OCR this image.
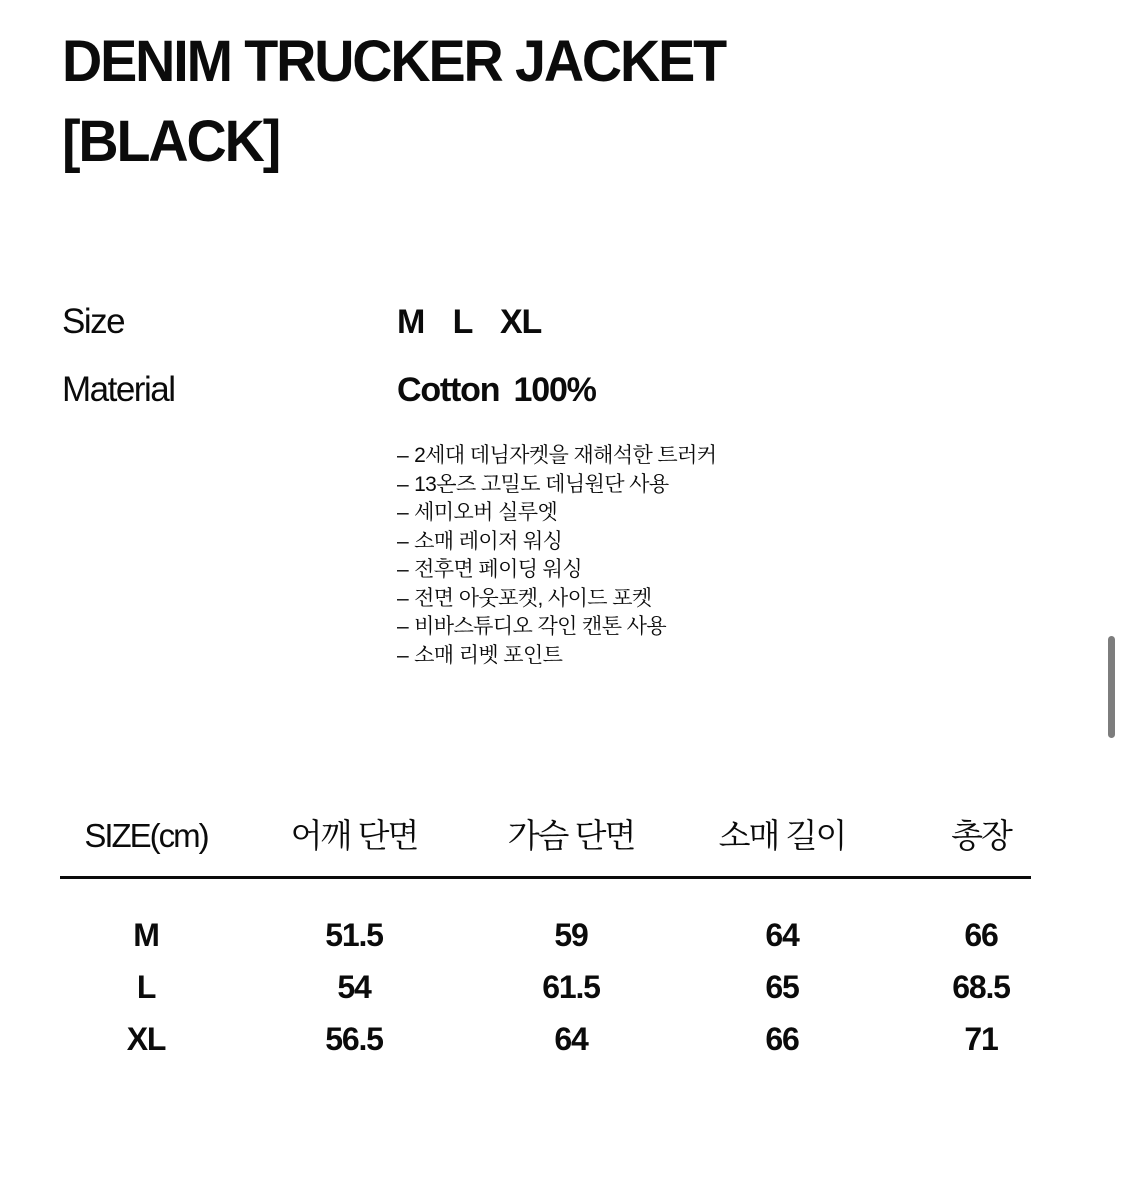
DENIM TRUCKER JACKET
[BLACK]
Size	M  L  XL
Material	Cotton 100%
– 2세대 데님자켓을 재해석한 트러커
– 13온즈 고밀도 데님원단 사용
– 세미오버 실루엣
– 소매 레이저 워싱
– 전후면 페이딩 워싱
– 전면 아웃포켓, 사이드 포켓
– 비바스튜디오 각인 캔톤 사용
– 소매 리벳 포인트
SIZE(cm)	어깨 단면	가슴 단면	소매 길이	총장
M	51.5	59	64	66
L	54	61.5	65	68.5
XL	56.5	64	66	71
